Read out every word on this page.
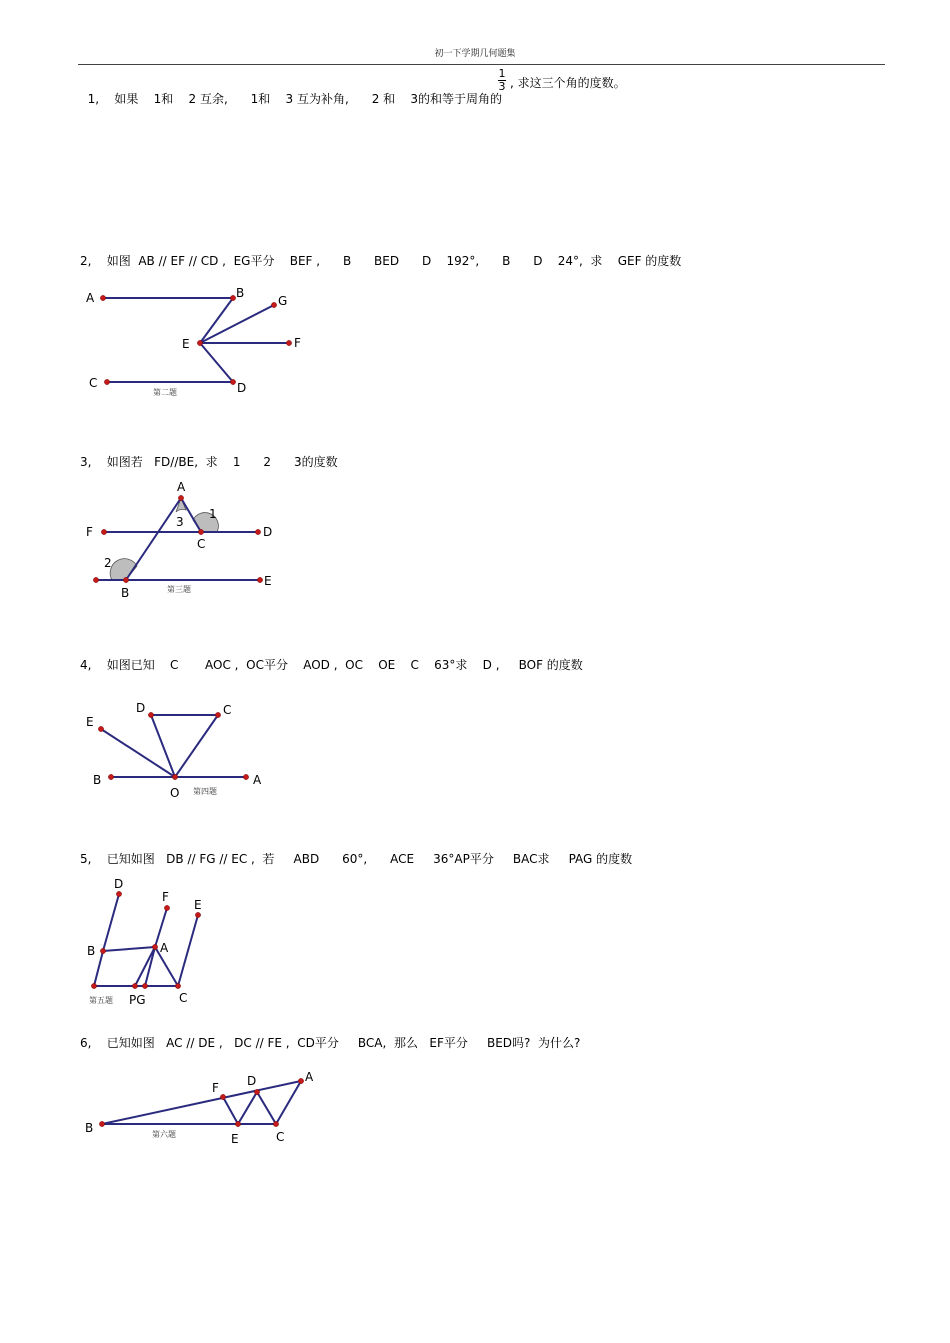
初一下学期几何题集

1,    如果    1和    2 互余,      1和    3 互为补角,      2 和    3的和等于周角的

1
3 , 求这三个角的度数。
2,    如图  AB // EF // CD ,  EG平分    BEF ,      B      BED      D    192°,      B      D    24°,  求    GEF 的度数
A	B
G
E	F
C	D
第二题
3,    如图若   FD//BE,  求    1      2      3的度数
A
1
3
F
C
D
2
B
E
第三题
4,    如图已知    C       AOC ,  OC平分    AOD ,  OC    OE    C    63°求    D ,     BOF 的度数
D	C
E
B
O
A
第四题
5,    已知如图   DB // FG // EC ,  若     ABD      60°,      ACE     36°AP平分     BAC求     PAG 的度数
D
F
E
B	A
PG	C
第五题
6,    已知如图   AC // DE ,   DC // FE ,  CD平分     BCA,  那么   EF平分     BED吗?  为什么?
F D	A
B
E	C
第六题
